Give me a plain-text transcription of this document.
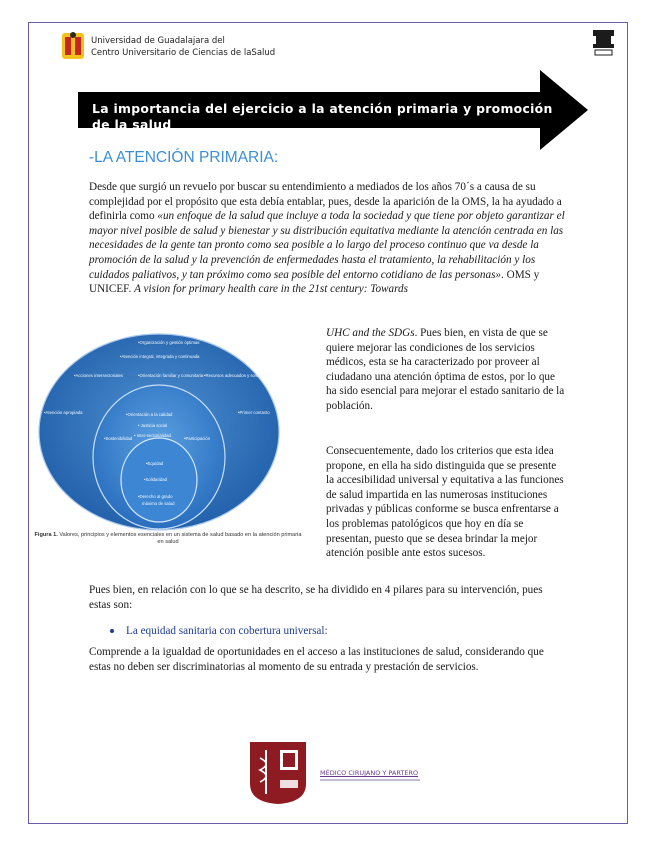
Universidad de Guadalajara del
Centro Universitario de Ciencias de laSalud
La importancia del ejercicio a la atención primaria y promoción de la salud
-LA ATENCIÓN PRIMARIA:

Desde que surgió un revuelo por buscar su entendimiento a mediados de los años 70´s a causa de su complejidad por el propósito que esta debía entablar, pues, desde la aparición de la OMS, la ha ayudado a definirla como «un enfoque de la salud que incluye a toda la sociedad y que tiene por objeto garantizar el mayor nivel posible de salud y bienestar y su distribución equitativa mediante la atención centrada en las necesidades de la gente tan pronto como sea posible a lo largo del proceso continuo que va desde la promoción de la salud y la prevención de enfermedades hasta el tratamiento, la rehabilitación y los cuidados paliativos, y tan próximo como sea posible del entorno cotidiano de las personas». OMS y UNICEF. A vision for primary health care in the 21st century: Towards

UHC and the SDGs. Pues bien, en vista de que se quiere mejorar las condiciones de los servicios médicos, esta se ha caracterizado por proveer al ciudadano una atención óptima de estos, por lo que ha sido esencial para mejorar el estado sanitario de la población.

•Organización y gestión óptimas
•Atención integral, integrada y continuada
•Acciones intersectoriales	•Orientación familiar y comunitaria •Recursos adecuados y sostenibles
•Atención apropiada	•Primer contacto
•Orientación a la calidad
• Justicia social
• Inter-sectorialidad
•Sostenibilidad	•Participación
•Equidad
•Solidaridad
•Derecho al grado
máximo de salud
Figura 1. Valores, principios y elementos esenciales en un sistema de salud basado en la atención primaria en salud

Consecuentemente, dado los criterios que esta idea propone, en ella ha sido distinguida que se presente la accesibilidad universal y equitativa a las funciones de salud impartida en las numerosas instituciones privadas y públicas conforme se busca enfrentarse a los problemas patológicos que hoy en día se presentan, puesto que se desea brindar la mejor atención posible ante estos sucesos.

Pues bien, en relación con lo que se ha descrito, se ha dividido en 4 pilares para su intervención, pues estas son:

La equidad sanitaria con cobertura universal:

Comprende a la igualdad de oportunidades en el acceso a las instituciones de salud, considerando que estas no deben ser discriminatorias al momento de su entrada y prestación de servicios.

MÉDICO CIRUJANO Y PARTERO
